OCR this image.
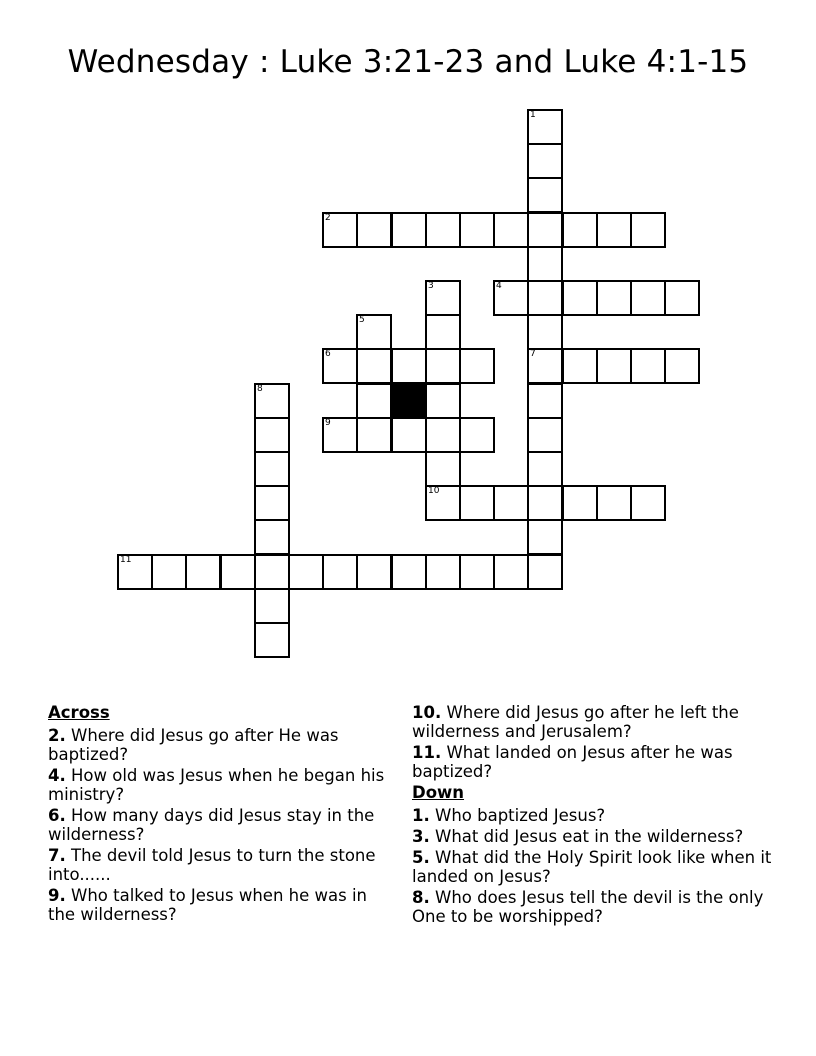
Wednesday : Luke 3:21-23 and Luke 4:1-15
1
2
3	4
5
6	7
8
9
10
11
Across
2. Where did Jesus go after He was baptized?
4. How old was Jesus when he began his ministry?
6. How many days did Jesus stay in the wilderness?
7. The devil told Jesus to turn the stone into......
9. Who talked to Jesus when he was in the wilderness?
10. Where did Jesus go after he left the wilderness and Jerusalem?
11. What landed on Jesus after he was baptized?
Down
1. Who baptized Jesus?
3. What did Jesus eat in the wilderness?
5. What did the Holy Spirit look like when it landed on Jesus?
8. Who does Jesus tell the devil is the only One to be worshipped?
